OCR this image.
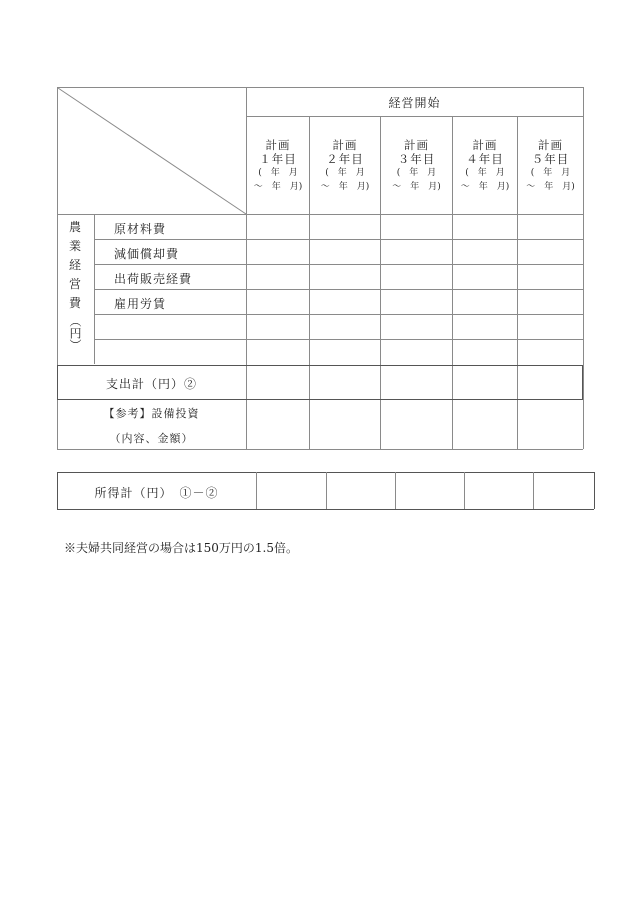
経営開始
計画
１年目
(　年　月
～　年　月)
計画
２年目
(　年　月
～　年　月)
計画
３年目
(　年　月
～　年　月)
計画
４年目
(　年　月
～　年　月)
計画
５年目
(　年　月
～　年　月)
農
業
経
営
費
（円）
原材料費
減価償却費
出荷販売経費
雇用労賃
支出計（円）②
【参考】設備投資
（内容、金額）
所得計（円）　①－②
※夫婦共同経営の場合は150万円の1.5倍。
